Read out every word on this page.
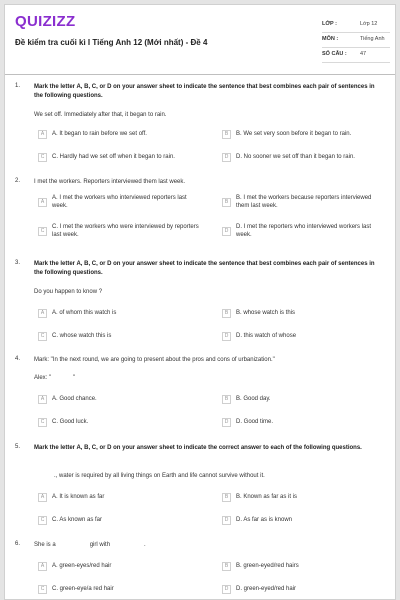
QUIZIZZ
Đề kiểm tra cuối kì I Tiếng Anh 12 (Mới nhất) - Đề 4
LỚP :	Lớp 12
MÔN :	Tiếng Anh
SỐ CÂU : 47
1. Mark the letter A, B, C, or D on your answer sheet to indicate the sentence that best combines each pair of sentences in the following questions.
We set off. Immediately after that, it began to rain.
A	A. It began to rain before we set off.	B	B. We set very soon before it began to rain.
C	C. Hardly had we set off when it began to rain.	D	D. No sooner we set off than it began to rain.
2. I met the workers. Reporters interviewed them last week.
A
A. I met the workers who interviewed reporters last week.
B
B. I met the workers because reporters interviewed them last week.
C
C. I met the workers who were interviewed by reporters last week.
D
D. I met the reporters who interviewed workers last week.
3. Mark the letter A, B, C, or D on your answer sheet to indicate the sentence that best combines each pair of sentences in the following questions.
Do you happen to know ?
A	A. of whom this watch is	B	B. whose watch is this
C	C. whose watch this is	D	D. this watch of whose
4. Mark: "In the next round, we are going to present about the pros and cons of urbanization."
Alex: "	"
A	A. Good chance.	B	B. Good day.
C	C. Good luck.	D	D. Good time.
5. Mark the letter A, B, C, or D on your answer sheet to indicate the correct answer to each of the following questions.
., water is required by all living things on Earth and life cannot survive without it.
A	A. It is known as far	B	B. Known as far as it is
C	C. As known as far	D	D. As far as is known
6. She is a	girl with	.
A	A. green-eyes/red hair	B	B. green-eyed/red hairs
C	C. green-eye/a red hair	D	D. green-eyed/red hair
